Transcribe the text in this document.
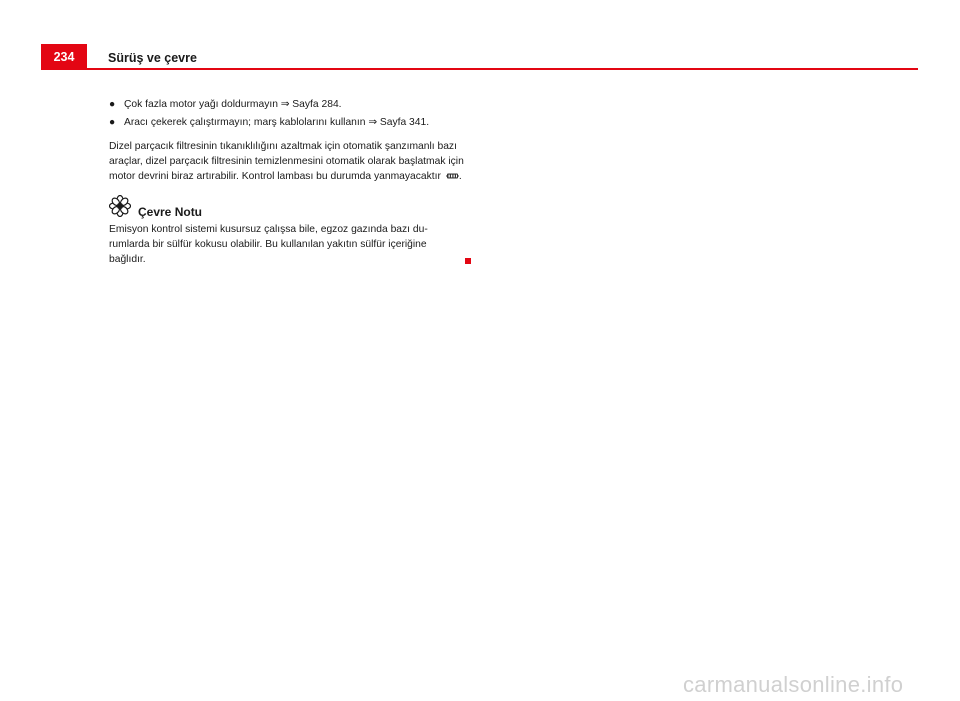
234	Sürüş ve çevre
● Çok fazla motor yağı doldurmayın ⇒ Sayfa 284.
● Aracı çekerek çalıştırmayın; marş kablolarını kullanın ⇒ Sayfa 341.

Dizel parçacık filtresinin tıkanıklılığını azaltmak için otomatik şanzımanlı bazı araçlar, dizel parçacık filtresinin temizlenmesini otomatik olarak başlatmak için motor devrini biraz artırabilir. Kontrol lambası bu durumda yanmayacaktır .

Çevre Notu

Emisyon kontrol sistemi kusursuz çalışsa bile, egzoz gazında bazı du-rumlarda bir sülfür kokusu olabilir. Bu kullanılan yakıtın sülfür içeriğine bağlıdır.

carmanualsonline.info
